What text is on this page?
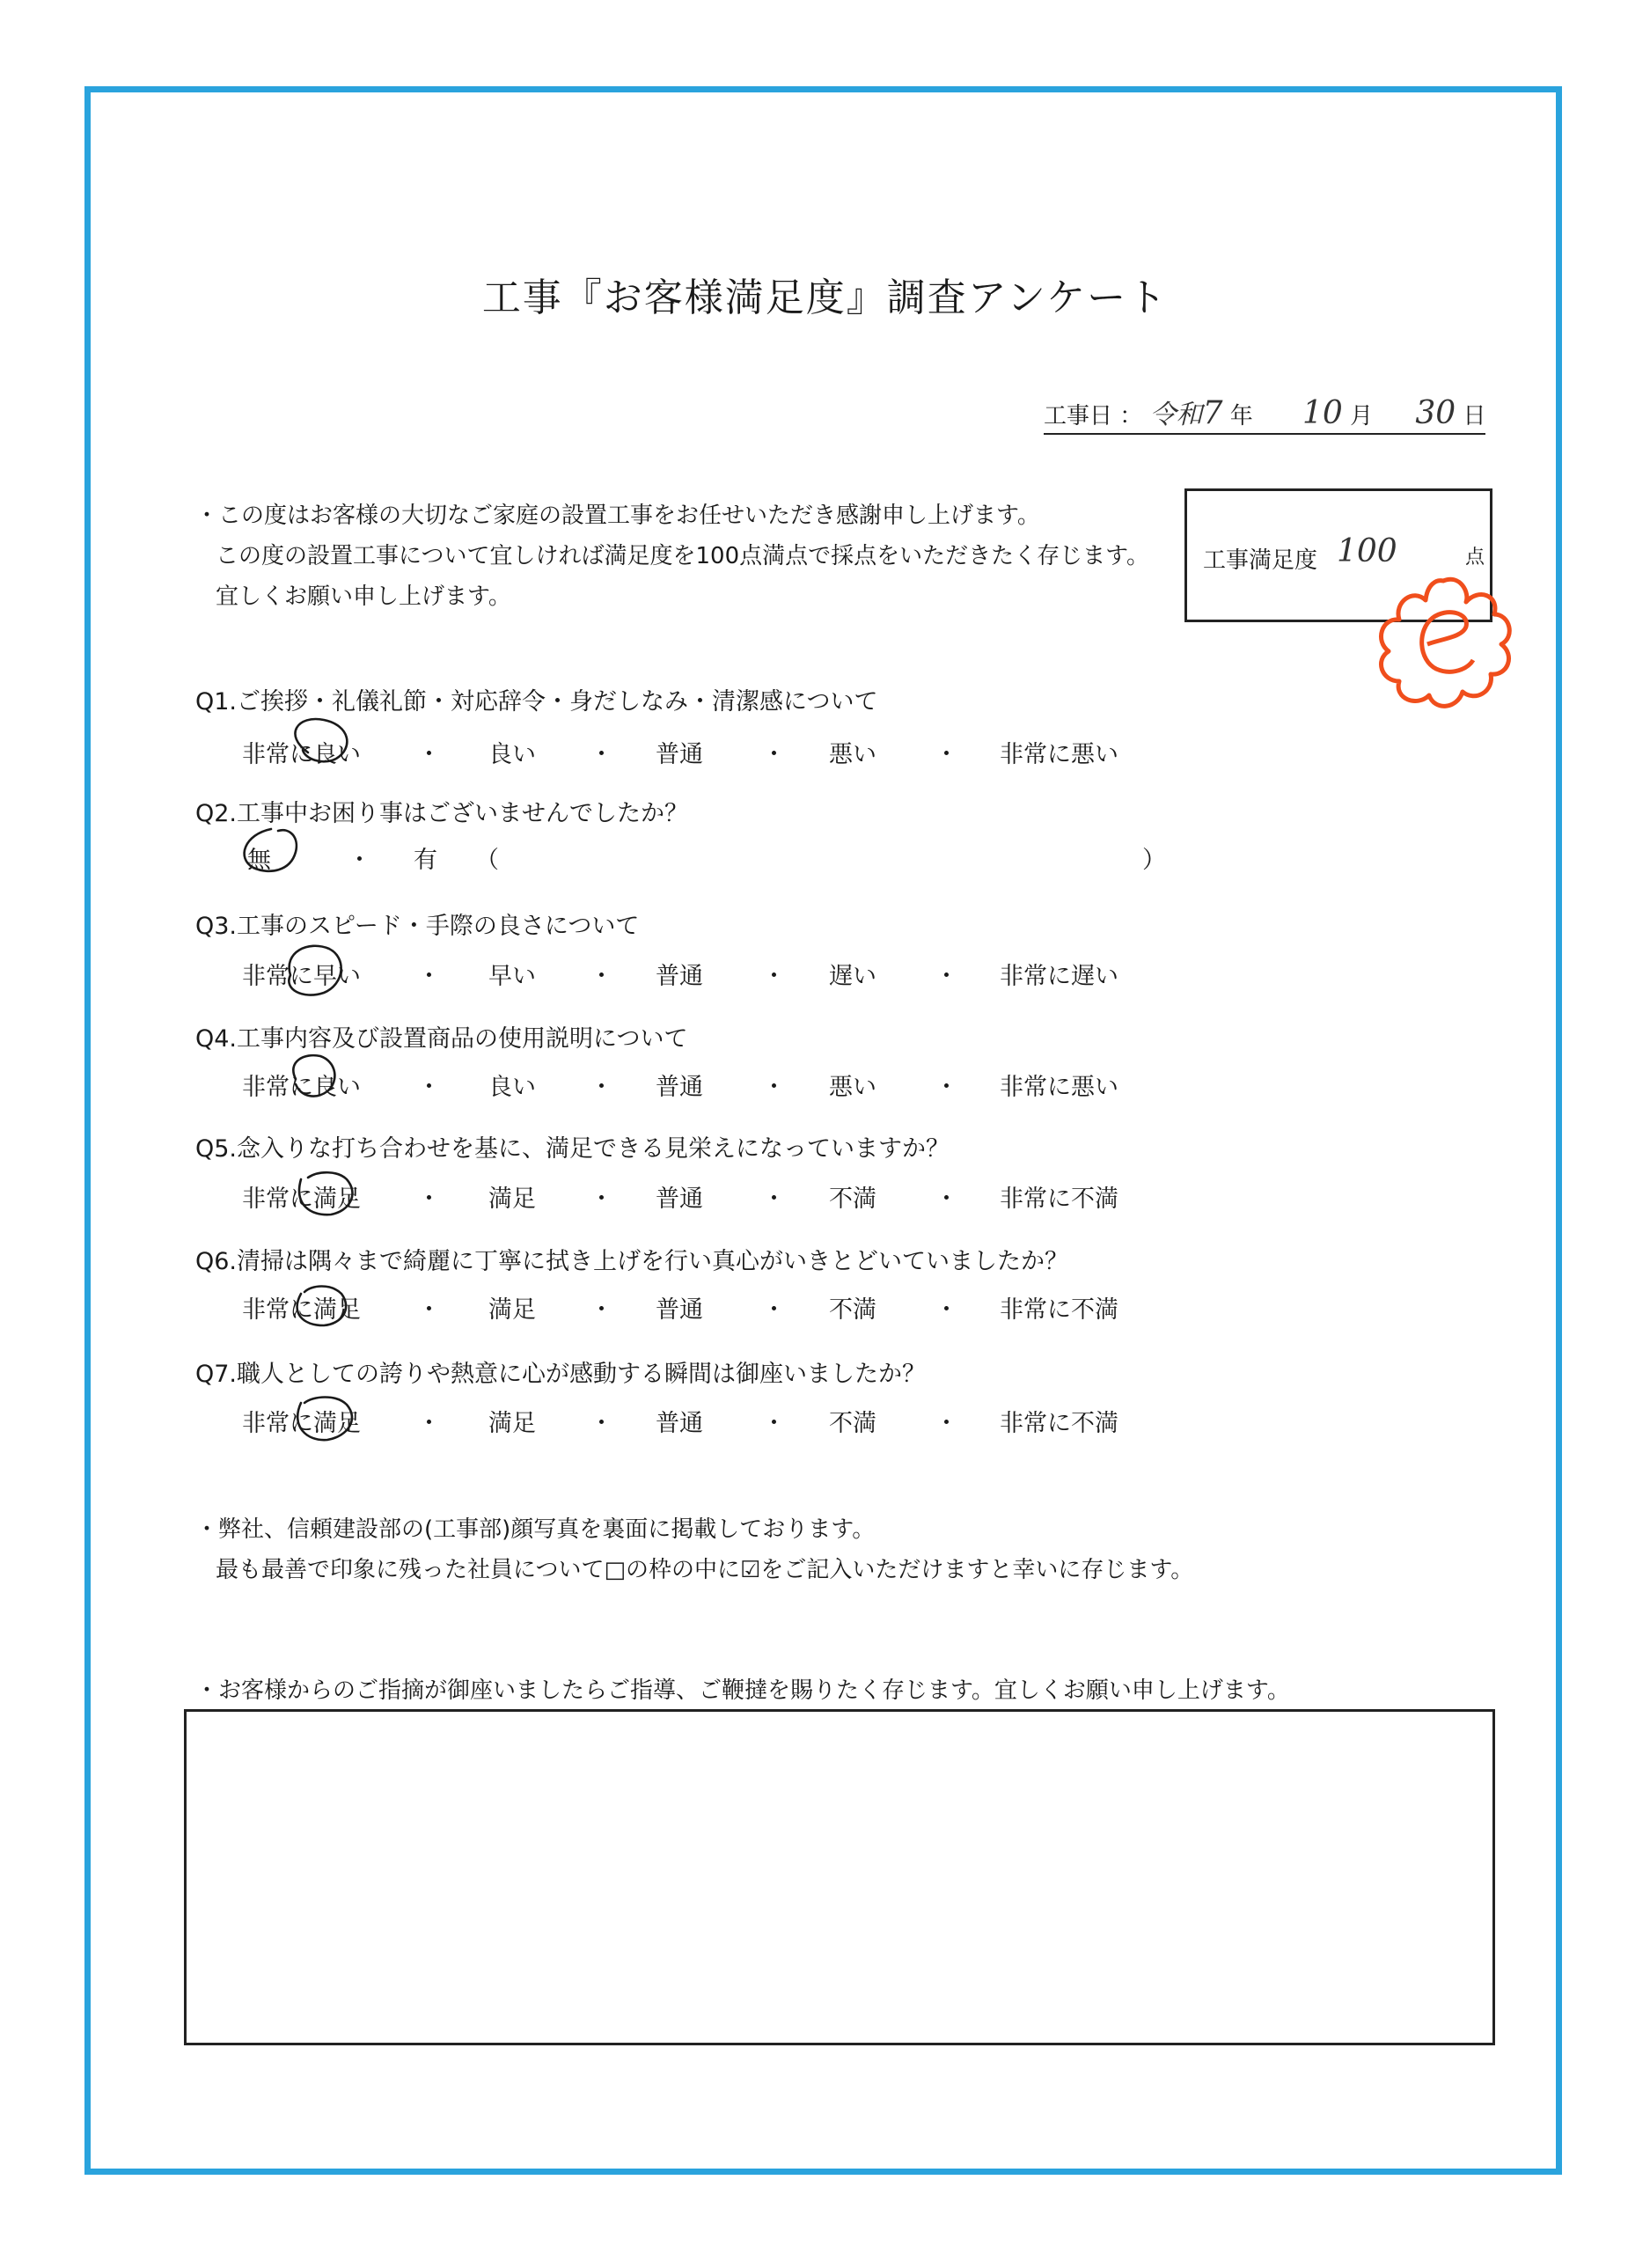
工事『お客様満足度』調査アンケート
工事日 ： 令和7 年 10 月 30 日
・この度はお客様の大切なご家庭の設置工事をお任せいただき感謝申し上げます。
この度の設置工事について宜しければ満足度を100点満点で採点をいただきたく存じます。
宜しくお願い申し上げます。
工事満足度 100	点
Q1.ご挨拶・礼儀礼節・対応辞令・身だしなみ・清潔感について
非常に良い ・ 良い ・ 普通 ・ 悪い ・ 非常に悪い
Q2.工事中お困り事はございませんでしたか？
無	・ 有 （	）
Q3.工事のスピード・手際の良さについて
非常に早い ・ 早い ・ 普通 ・ 遅い ・ 非常に遅い
Q4.工事内容及び設置商品の使用説明について
非常に良い ・ 良い ・ 普通 ・ 悪い ・ 非常に悪い
Q5.念入りな打ち合わせを基に、満足できる見栄えになっていますか？
非常に満足 ・ 満足 ・ 普通 ・ 不満 ・ 非常に不満
Q6.清掃は隅々まで綺麗に丁寧に拭き上げを行い真心がいきとどいていましたか？
非常に満足 ・ 満足 ・ 普通 ・ 不満 ・ 非常に不満
Q7.職人としての誇りや熱意に心が感動する瞬間は御座いましたか？
非常に満足 ・ 満足 ・ 普通 ・ 不満 ・ 非常に不満
・弊社、信頼建設部の(工事部)顔写真を裏面に掲載しております。
最も最善で印象に残った社員について□の枠の中に☑をご記入いただけますと幸いに存じます。
・お客様からのご指摘が御座いましたらご指導、ご鞭撻を賜りたく存じます。宜しくお願い申し上げます。
